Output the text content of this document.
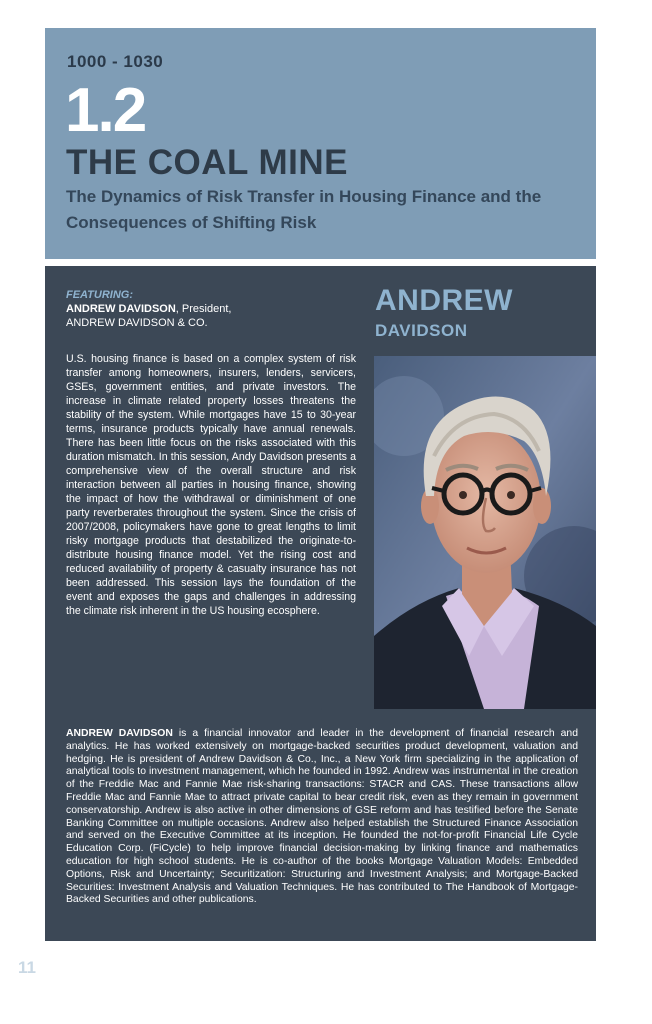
1000 - 1030
1.2
THE COAL MINE
The Dynamics of Risk Transfer in Housing Finance and the Consequences of Shifting Risk
FEATURING:
ANDREW DAVIDSON, President,
ANDREW DAVIDSON & CO.
ANDREW
DAVIDSON
U.S. housing finance is based on a complex system of risk transfer among homeowners, insurers, lenders, servicers, GSEs, government entities, and private investors. The increase in climate related property losses threatens the stability of the system. While mortgages have 15 to 30-year terms, insurance products typically have annual renewals. There has been little focus on the risks associated with this duration mismatch. In this session, Andy Davidson presents a comprehensive view of the overall structure and risk interaction between all parties in housing finance, showing the impact of how the withdrawal or diminishment of one party reverberates throughout the system. Since the crisis of 2007/2008, policymakers have gone to great lengths to limit risky mortgage products that destabilized the originate-to-distribute housing finance model. Yet the rising cost and reduced availability of property & casualty insurance has not been addressed. This session lays the foundation of the event and exposes the gaps and challenges in addressing the climate risk inherent in the US housing ecosphere.
ANDREW DAVIDSON is a financial innovator and leader in the development of financial research and analytics. He has worked extensively on mortgage-backed securities product development, valuation and hedging. He is president of Andrew Davidson & Co., Inc., a New York firm specializing in the application of analytical tools to investment management, which he founded in 1992. Andrew was instrumental in the creation of the Freddie Mac and Fannie Mae risk-sharing transactions: STACR and CAS. These transactions allow Freddie Mac and Fannie Mae to attract private capital to bear credit risk, even as they remain in government conservatorship. Andrew is also active in other dimensions of GSE reform and has testified before the Senate Banking Committee on multiple occasions. Andrew also helped establish the Structured Finance Association and served on the Executive Committee at its inception. He founded the not-for-profit Financial Life Cycle Education Corp. (FiCycle) to help improve financial decision-making by linking finance and mathematics education for high school students. He is co-author of the books Mortgage Valuation Models: Embedded Options, Risk and Uncertainty; Securitization: Structuring and Investment Analysis; and Mortgage-Backed Securities: Investment Analysis and Valuation Techniques. He has contributed to The Handbook of Mortgage-Backed Securities and other publications.
11
